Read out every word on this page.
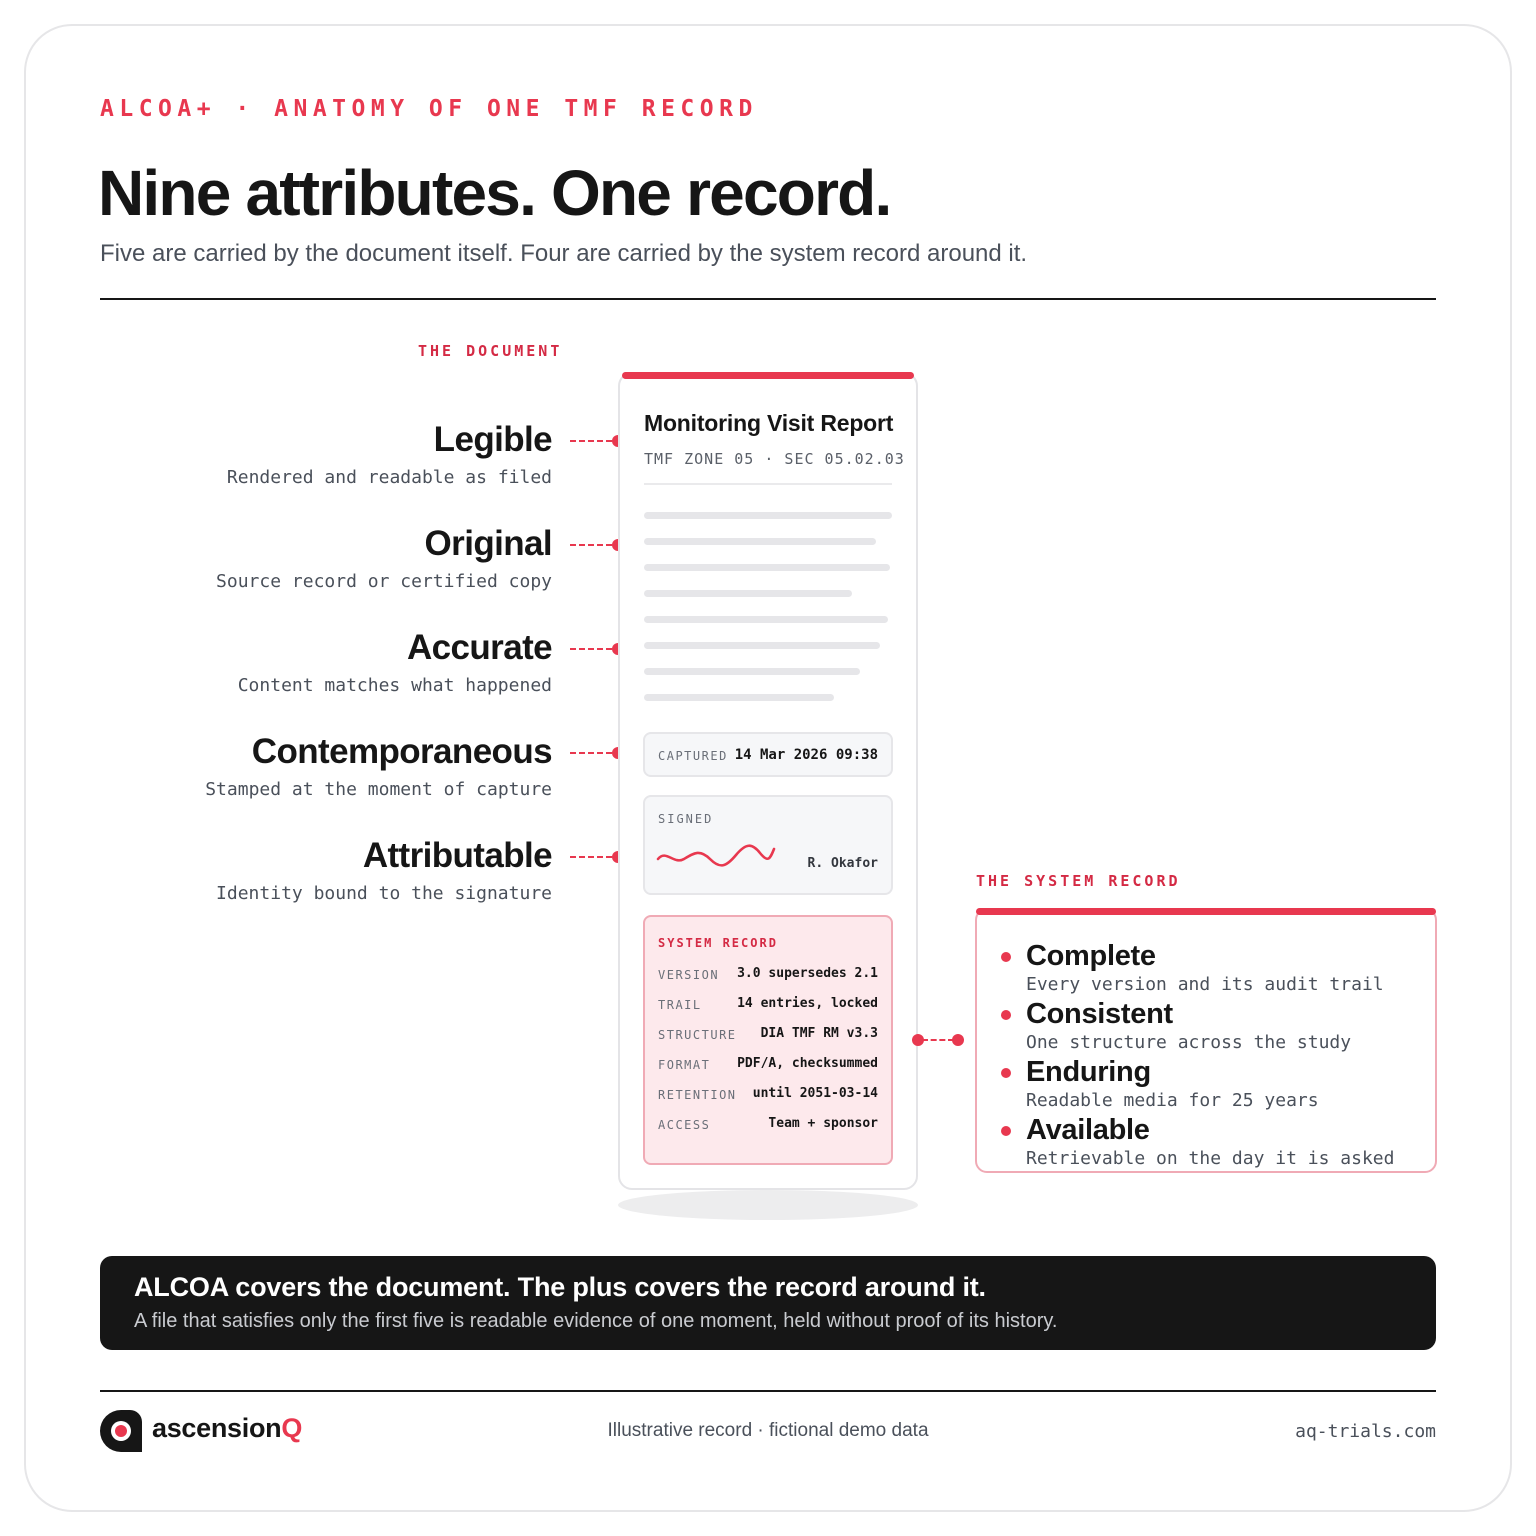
ALCOA+ · ANATOMY OF ONE TMF RECORD
Nine attributes. One record.
Five are carried by the document itself. Four are carried by the system record around it.
THE DOCUMENT
Legible
Rendered and readable as filed
Original
Source record or certified copy
Accurate
Content matches what happened
Contemporaneous
Stamped at the moment of capture
Attributable
Identity bound to the signature
Monitoring Visit Report
TMF ZONE 05 · SEC 05.02.03
CAPTURED 14 Mar 2026 09:38
SIGNED
R. Okafor
SYSTEM RECORD
VERSION 3.0 supersedes 2.1
TRAIL	14 entries, locked
STRUCTURE DIA TMF RM v3.3
FORMAT PDF/A, checksummed
RETENTION until 2051-03-14
ACCESS	Team + sponsor
THE SYSTEM RECORD
Complete
Every version and its audit trail
Consistent
One structure across the study
Enduring
Readable media for 25 years
Available
Retrievable on the day it is asked
ALCOA covers the document. The plus covers the record around it.
A file that satisfies only the first five is readable evidence of one moment, held without proof of its history.
ascensionQ	Illustrative record · fictional demo data	aq-trials.com
